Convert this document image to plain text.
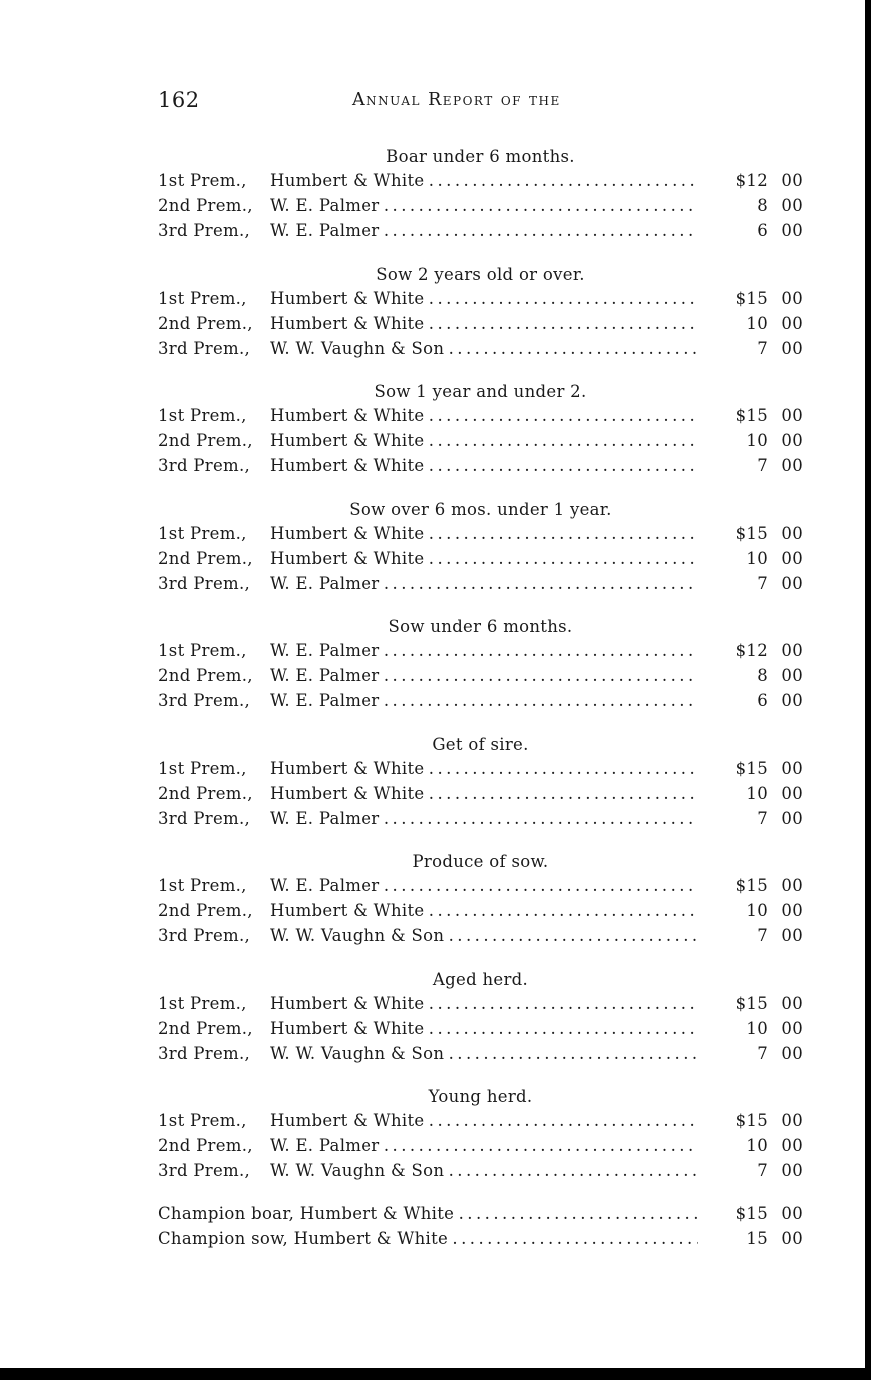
162	Annual Report of the
Boar under 6 months.
1st Prem.,	Humbert & White . . .	$12 00
2nd Prem.,	W. E. Palmer . . .	8 00
3rd Prem.,	W. E. Palmer . . .	6 00
Sow 2 years old or over.
1st Prem.,	Humbert & White . . .	$15 00
2nd Prem.,	Humbert & White . . .	10 00
3rd Prem.,	W. W. Vaughn & Son . . .	7 00
Sow 1 year and under 2.
1st Prem.,	Humbert & White . . .	$15 00
2nd Prem.,	Humbert & White . . .	10 00
3rd Prem.,	Humbert & White . . .	7 00
Sow over 6 mos. under 1 year.
1st Prem.,	Humbert & White . . .	$15 00
2nd Prem.,	Humbert & White . . .	10 00
3rd Prem.,	W. E. Palmer . . .	7 00
Sow under 6 months.
1st Prem.,	W. E. Palmer . . .	$12 00
2nd Prem.,	W. E. Palmer . . .	8 00
3rd Prem.,	W. E. Palmer . . .	6 00
Get of sire.
1st Prem.,	Humbert & White . . .	$15 00
2nd Prem.,	Humbert & White . . .	10 00
3rd Prem.,	W. E. Palmer . . .	7 00
Produce of sow.
1st Prem.,	W. E. Palmer . . .	$15 00
2nd Prem.,	Humbert & White . . .	10 00
3rd Prem.,	W. W. Vaughn & Son . . .	7 00
Aged herd.
1st Prem.,	Humbert & White . . .	$15 00
2nd Prem.,	Humbert & White . . .	10 00
3rd Prem.,	W. W. Vaughn & Son . . .	7 00
Young herd.
1st Prem.,	Humbert & White . . .	$15 00
2nd Prem.,	W. E. Palmer . . .	10 00
3rd Prem.,	W. W. Vaughn & Son . . .	7 00
Champion boar, Humbert & White . . .	$15 00
Champion sow, Humbert & White . . .	15 00
